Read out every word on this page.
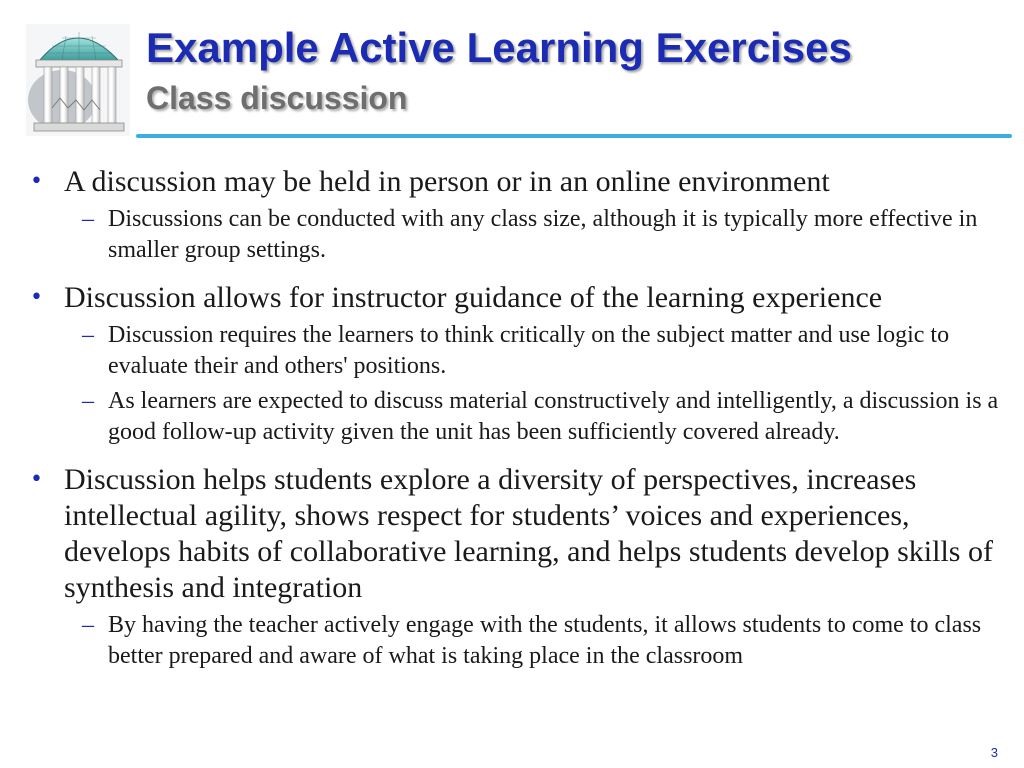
Example Active Learning Exercises
Class discussion
• A discussion may be held in person or in an online environment
– Discussions can be conducted with any class size, although it is typically more effective in smaller group settings.
• Discussion allows for instructor guidance of the learning experience
– Discussion requires the learners to think critically on the subject matter and use logic to evaluate their and others' positions.
– As learners are expected to discuss material constructively and intelligently, a discussion is a good follow-up activity given the unit has been sufficiently covered already.
• Discussion helps students explore a diversity of perspectives, increases intellectual agility, shows respect for students’ voices and experiences, develops habits of collaborative learning, and helps students develop skills of synthesis and integration
– By having the teacher actively engage with the students, it allows students to come to class better prepared and aware of what is taking place in the classroom
3
